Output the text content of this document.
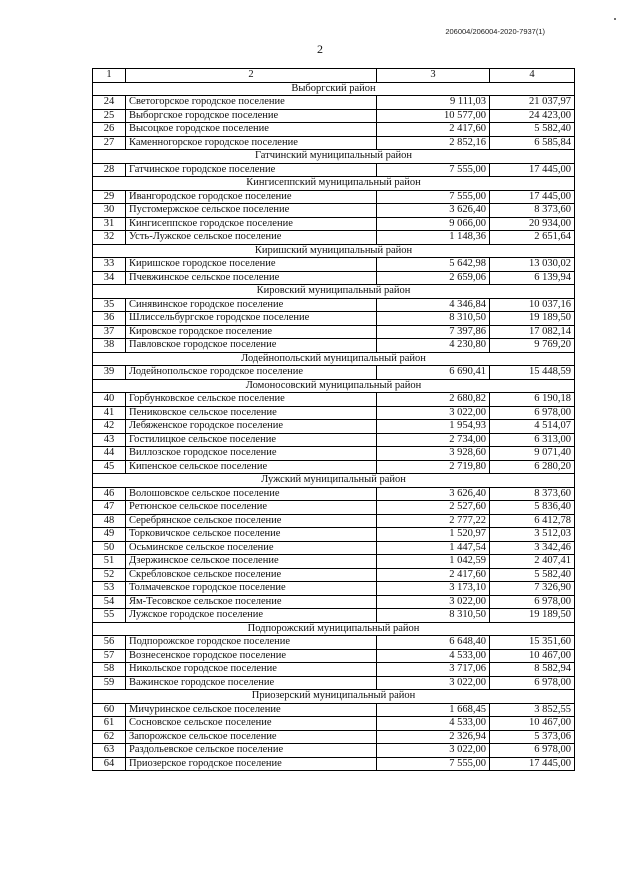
206004/206004-2020-7937(1)
2
1	2	3	4
Выборгский район			
24	Светогорское городское поселение	9 111,03	21 037,97
25	Выборгское городское поселение	10 577,00	24 423,00
26	Высоцкое городское поселение	2 417,60	5 582,40
27	Каменногорское городское поселение	2 852,16	6 585,84
Гатчинский муниципальный район			
28	Гатчинское городское поселение	7 555,00	17 445,00
Кингисеппский муниципальный район			
29	Ивангородское городское поселение	7 555,00	17 445,00
30	Пустомержское сельское поселение	3 626,40	8 373,60
31	Кингисеппское городское поселение	9 066,00	20 934,00
32	Усть-Лужское сельское поселение	1 148,36	2 651,64
Киришский муниципальный район			
33	Киришское городское поселение	5 642,98	13 030,02
34	Пчевжинское сельское поселение	2 659,06	6 139,94
Кировский муниципальный район			
35	Синявинское городское поселение	4 346,84	10 037,16
36	Шлиссельбургское городское поселение	8 310,50	19 189,50
37	Кировское городское поселение	7 397,86	17 082,14
38	Павловское городское поселение	4 230,80	9 769,20
Лодейнопольский муниципальный район			
39	Лодейнопольское городское поселение	6 690,41	15 448,59
Ломоносовский муниципальный район			
40	Горбунковское сельское поселение	2 680,82	6 190,18
41	Пениковское сельское поселение	3 022,00	6 978,00
42	Лебяженское городское поселение	1 954,93	4 514,07
43	Гостилицкое сельское поселение	2 734,00	6 313,00
44	Виллозское городское поселение	3 928,60	9 071,40
45	Кипенское сельское поселение	2 719,80	6 280,20
Лужский муниципальный район			
46	Волошовское сельское поселение	3 626,40	8 373,60
47	Ретюнское сельское поселение	2 527,60	5 836,40
48	Серебрянское сельское поселение	2 777,22	6 412,78
49	Торковичское сельское поселение	1 520,97	3 512,03
50	Осьминское сельское поселение	1 447,54	3 342,46
51	Дзержинское сельское поселение	1 042,59	2 407,41
52	Скребловское сельское поселение	2 417,60	5 582,40
53	Толмачевское городское поселение	3 173,10	7 326,90
54	Ям-Тесовское сельское поселение	3 022,00	6 978,00
55	Лужское городское поселение	8 310,50	19 189,50
Подпорожский муниципальный район			
56	Подпорожское городское поселение	6 648,40	15 351,60
57	Вознесенское городское поселение	4 533,00	10 467,00
58	Никольское городское поселение	3 717,06	8 582,94
59	Важинское городское поселение	3 022,00	6 978,00
Приозерский муниципальный район			
60	Мичуринское сельское поселение	1 668,45	3 852,55
61	Сосновское сельское поселение	4 533,00	10 467,00
62	Запорожское сельское поселение	2 326,94	5 373,06
63	Раздольевское сельское поселение	3 022,00	6 978,00
64	Приозерское городское поселение	7 555,00	17 445,00
